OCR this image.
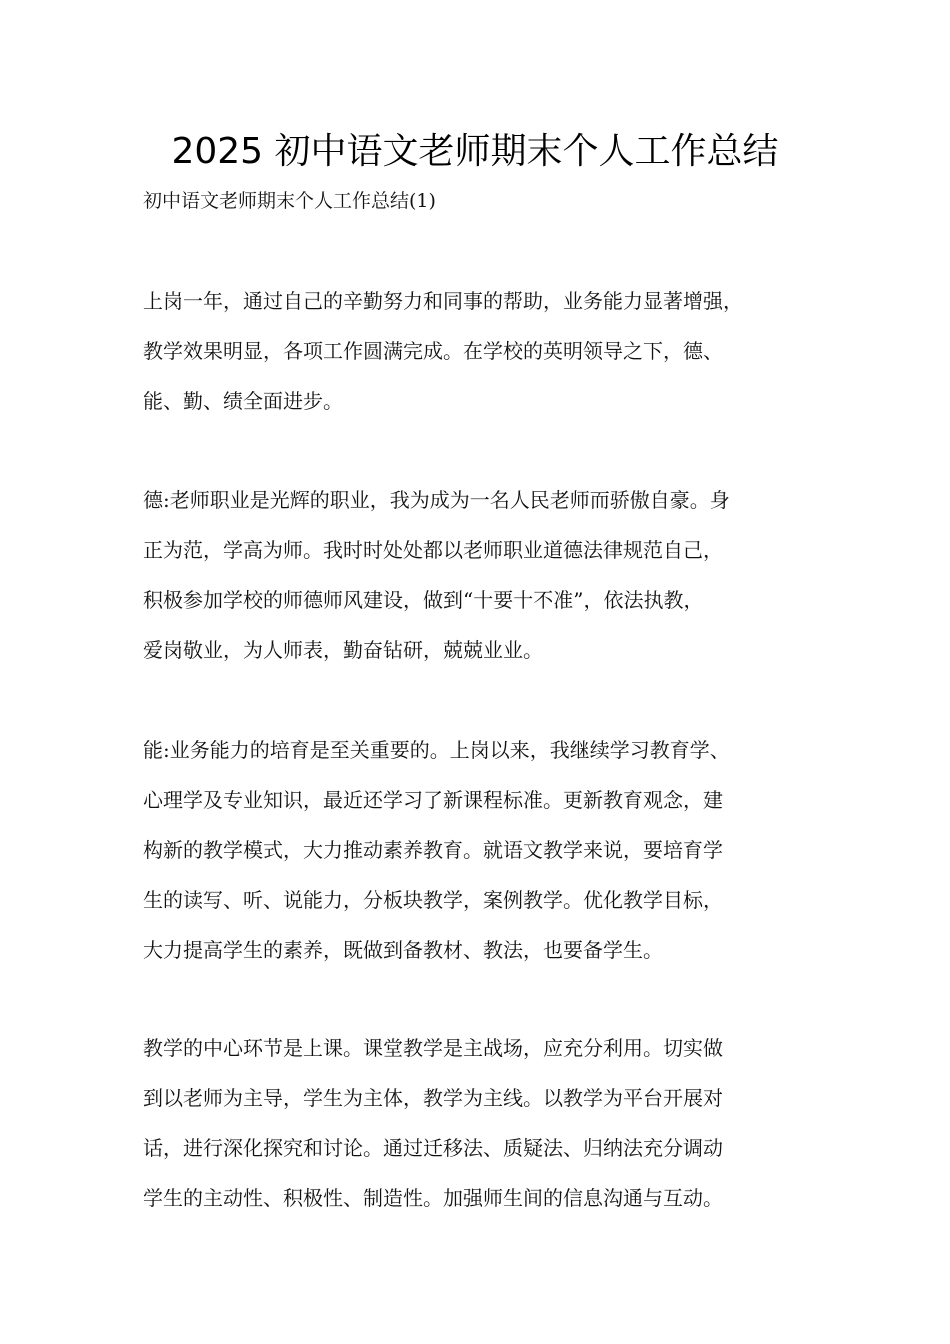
2025 初中语文老师期末个人工作总结
初中语文老师期末个人工作总结(1)
上岗一年，通过自己的辛勤努力和同事的帮助，业务能力显著增强，
教学效果明显，各项工作圆满完成。在学校的英明领导之下，德、
能、勤、绩全面进步。
德:老师职业是光辉的职业，我为成为一名人民老师而骄傲自豪。身
正为范，学高为师。我时时处处都以老师职业道德法律规范自己，
积极参加学校的师德师风建设，做到“十要十不准”，依法执教，
爱岗敬业，为人师表，勤奋钻研，兢兢业业。
能:业务能力的培育是至关重要的。上岗以来，我继续学习教育学、
心理学及专业知识，最近还学习了新课程标准。更新教育观念，建
构新的教学模式，大力推动素养教育。就语文教学来说，要培育学
生的读写、听、说能力，分板块教学，案例教学。优化教学目标，
大力提高学生的素养，既做到备教材、教法，也要备学生。
教学的中心环节是上课。课堂教学是主战场，应充分利用。切实做
到以老师为主导，学生为主体，教学为主线。以教学为平台开展对
话，进行深化探究和讨论。通过迁移法、质疑法、归纳法充分调动
学生的主动性、积极性、制造性。加强师生间的信息沟通与互动。
